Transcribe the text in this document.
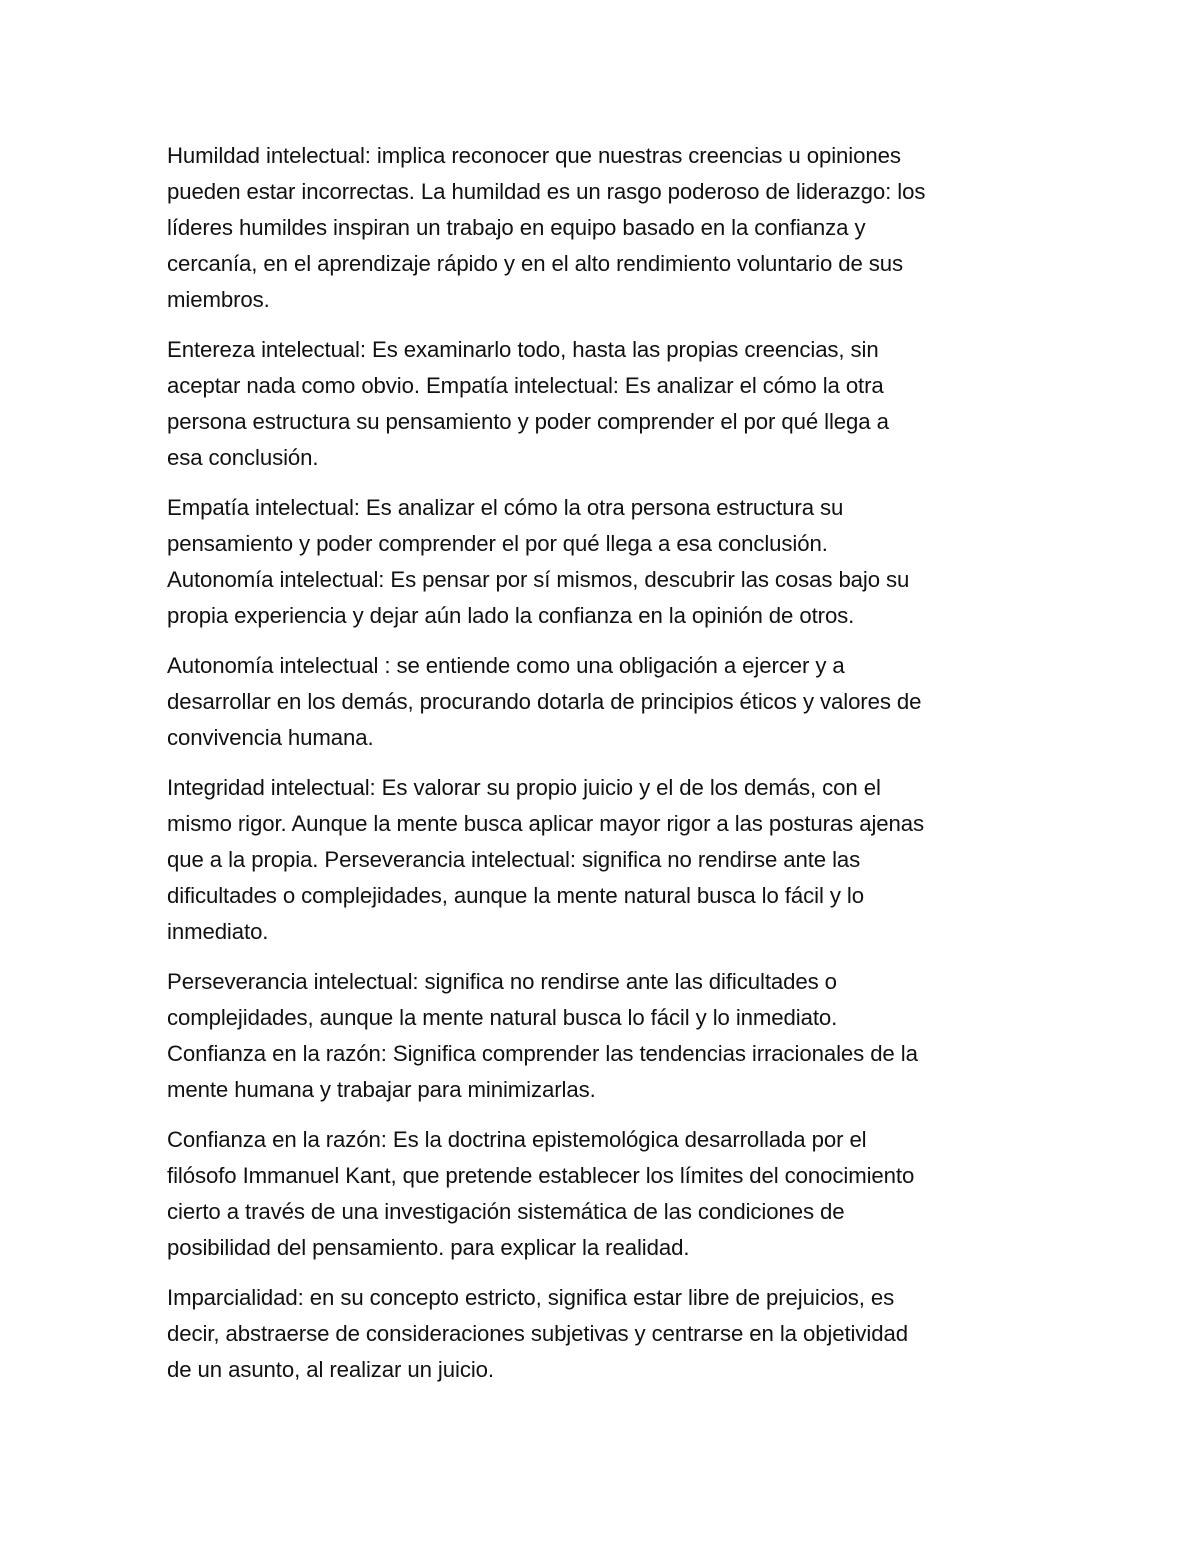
Humildad intelectual: implica reconocer que nuestras creencias u opiniones
pueden estar incorrectas. La humildad es un rasgo poderoso de liderazgo: los
líderes humildes inspiran un trabajo en equipo basado en la confianza y
cercanía, en el aprendizaje rápido y en el alto rendimiento voluntario de sus
miembros.

Entereza intelectual: Es examinarlo todo, hasta las propias creencias, sin
aceptar nada como obvio. Empatía intelectual: Es analizar el cómo la otra
persona estructura su pensamiento y poder comprender el por qué llega a
esa conclusión.

Empatía intelectual: Es analizar el cómo la otra persona estructura su
pensamiento y poder comprender el por qué llega a esa conclusión.
Autonomía intelectual: Es pensar por sí mismos, descubrir las cosas bajo su
propia experiencia y dejar aún lado la confianza en la opinión de otros.

Autonomía intelectual : se entiende como una obligación a ejercer y a
desarrollar en los demás, procurando dotarla de principios éticos y valores de
convivencia humana.

Integridad intelectual: Es valorar su propio juicio y el de los demás, con el
mismo rigor. Aunque la mente busca aplicar mayor rigor a las posturas ajenas
que a la propia. Perseverancia intelectual: significa no rendirse ante las
dificultades o complejidades, aunque la mente natural busca lo fácil y lo
inmediato.

Perseverancia intelectual: significa no rendirse ante las dificultades o
complejidades, aunque la mente natural busca lo fácil y lo inmediato.
Confianza en la razón: Significa comprender las tendencias irracionales de la
mente humana y trabajar para minimizarlas.

Confianza en la razón: Es la doctrina epistemológica desarrollada por el
filósofo Immanuel Kant, que pretende establecer los límites del conocimiento
cierto a través de una investigación sistemática de las condiciones de
posibilidad del pensamiento. para explicar la realidad.

Imparcialidad: en su concepto estricto, significa estar libre de prejuicios, es
decir, abstraerse de consideraciones subjetivas y centrarse en la objetividad
de un asunto, al realizar un juicio.
